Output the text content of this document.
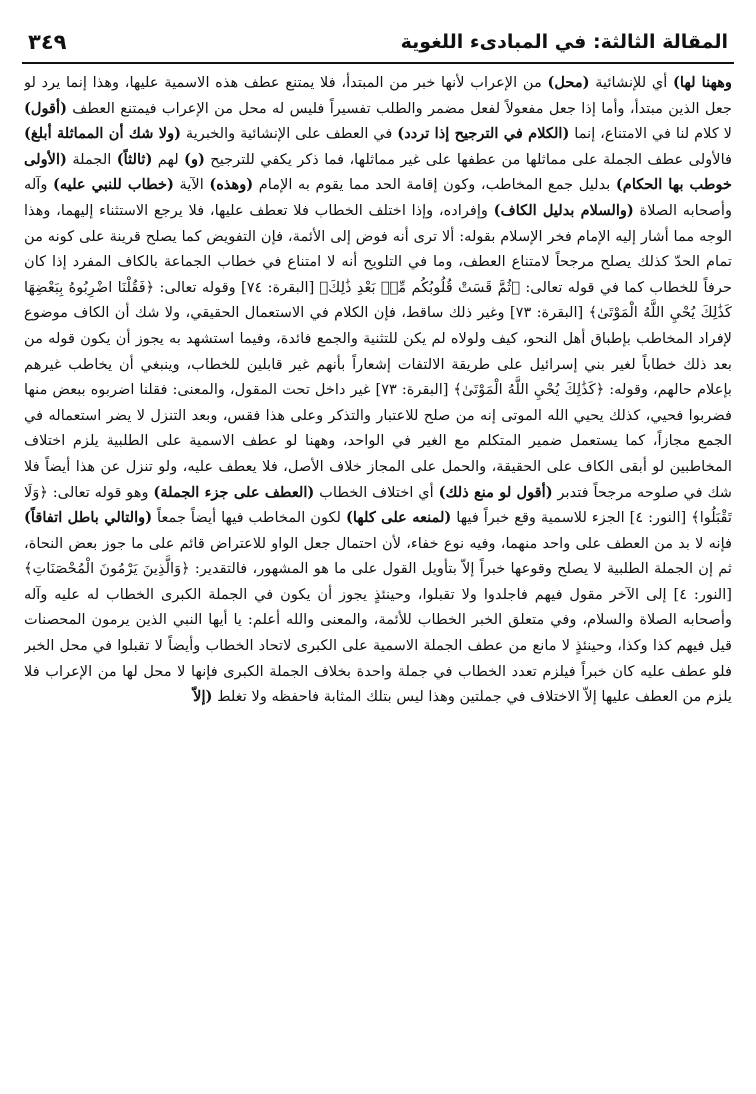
المقالة الثالثة: في المبادىء اللغوية
٣٤٩

وههنا لها) أي للإنشائية (محل) من الإعراب لأنها خبر من المبتدأ، فلا يمتنع عطف هذه الاسمية عليها، وهذا إنما يرد لو جعل الذين مبتدأ، وأما إذا جعل مفعولاً لفعل مضمر والطلب تفسيراً فليس له محل من الإعراب فيمتنع العطف (أقول) لا كلام لنا في الامتناع، إنما (الكلام في الترجيح إذا تردد) في العطف على الإنشائية والخبرية (ولا شك أن المماثلة أبلغ) فالأولى عطف الجملة على مماثلها من عطفها على غير مماثلها، فما ذكر يكفي للترجيح (و) لهم (ثالثاً) الجملة (الأولى خوطب بها الحكام) بدليل جمع المخاطب، وكون إقامة الحد مما يقوم به الإمام (وهذه) الآية (خطاب للنبي عليه) وآله وأصحابه الصلاة (والسلام بدليل الكاف) وإفراده، وإذا اختلف الخطاب فلا تعطف عليها، فلا يرجع الاستثناء إليهما، وهذا الوجه مما أشار إليه الإمام فخر الإسلام بقوله: ألا ترى أنه فوض إلى الأئمة، فإن التفويض كما يصلح قرينة على كونه من تمام الحدّ كذلك يصلح مرجحاً لامتناع العطف، وما في التلويح أنه لا امتناع في خطاب الجماعة بالكاف المفرد إذا كان حرفاً للخطاب كما في قوله تعالى: ﴿ثُمَّ قَسَتْ قُلُوبُكُم مِّنۢ بَعْدِ ذَٰلِكَ﴾ [البقرة: ٧٤] وقوله تعالى: ﴿فَقُلْنَا اضْرِبُوهُ بِبَعْضِهَا كَذَٰلِكَ يُحْيِ اللَّهُ الْمَوْتَىٰ﴾ [البقرة: ٧٣] وغير ذلك ساقط، فإن الكلام في الاستعمال الحقيقي، ولا شك أن الكاف موضوع لإفراد المخاطب بإطباق أهل النحو، كيف ولولاه لم يكن للتثنية والجمع فائدة، وفيما استشهد به يجوز أن يكون قوله من بعد ذلك خطاباً لغير بني إسرائيل على طريقة الالتفات إشعاراً بأنهم غير قابلين للخطاب، وينبغي أن يخاطب غيرهم بإعلام حالهم، وقوله: ﴿كَذَٰلِكَ يُحْيِ اللَّهُ الْمَوْتَىٰ﴾ [البقرة: ٧٣] غير داخل تحت المقول، والمعنى: فقلنا اضربوه ببعض منها فضربوا فحيي، كذلك يحيي الله الموتى إنه من صلح للاعتبار والتذكر وعلى هذا فقس، وبعد التنزل لا يضر استعماله في الجمع مجازاً، كما يستعمل ضمير المتكلم مع الغير في الواحد، وههنا لو عطف الاسمية على الطلبية يلزم اختلاف المخاطبين لو أبقى الكاف على الحقيقة، والحمل على المجاز خلاف الأصل، فلا يعطف عليه، ولو تنزل عن هذا أيضاً فلا شك في صلوحه مرجحاً فتدبر (أقول لو منع ذلك) أي اختلاف الخطاب (العطف على جزء الجملة) وهو قوله تعالى: ﴿وَلَا تَقْبَلُوا﴾ [النور: ٤] الجزء للاسمية وقع خبراً فيها (لمنعه على كلها) لكون المخاطب فيها أيضاً جمعاً (والتالي باطل اتفاقاً) فإنه لا بد من العطف على واحد منهما، وفيه نوع خفاء، لأن احتمال جعل الواو للاعتراض قائم على ما جوز بعض النحاة، ثم إن الجملة الطلبية لا يصلح وقوعها خبراً إلاّ بتأويل القول على ما هو المشهور، فالتقدير: ﴿وَالَّذِينَ يَرْمُونَ الْمُحْصَنَاتِ﴾ [النور: ٤] إلى الآخر مقول فيهم فاجلدوا ولا تقبلوا، وحينئذٍ يجوز أن يكون في الجملة الكبرى الخطاب له عليه وآله وأصحابه الصلاة والسلام، وفي متعلق الخبر الخطاب للأئمة، والمعنى والله أعلم: يا أيها النبي الذين يرمون المحصنات قيل فيهم كذا وكذا، وحينئذٍ لا مانع من عطف الجملة الاسمية على الكبرى لاتحاد الخطاب وأيضاً لا تقبلوا في محل الخبر فلو عطف عليه كان خبراً فيلزم تعدد الخطاب في جملة واحدة بخلاف الجملة الكبرى فإنها لا محل لها من الإعراب فلا يلزم من العطف عليها إلاّ الاختلاف في جملتين وهذا ليس بتلك المثابة فاحفظه ولا تغلط (إلاّ
